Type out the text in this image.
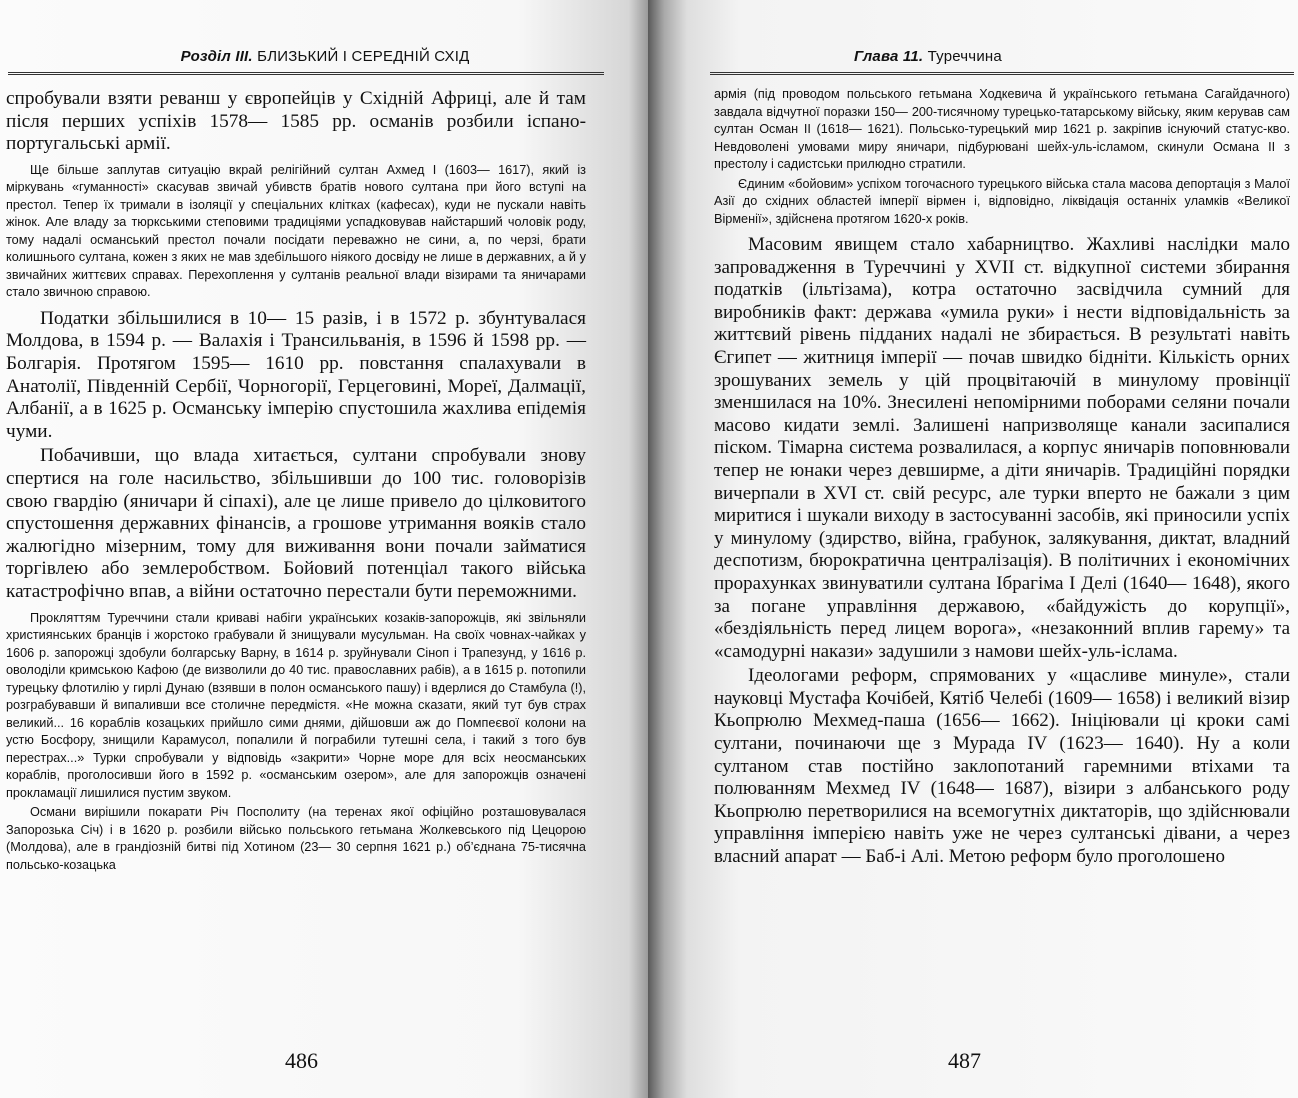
Розділ III. БЛИЗЬКИЙ І СЕРЕДНІЙ СХІД

спробували взяти реванш у європейців у Східній Африці, але й там після перших успіхів 1578— 1585 рр. османів розбили іспано-португальські армії.

Ще більше заплутав ситуацію вкрай релігійний султан Ахмед І (1603— 1617), який із міркувань «гуманності» скасував звичай убивств братів нового султана при його вступі на престол. Тепер їх тримали в ізоляції у спеціальних клітках (кафесах), куди не пускали навіть жінок. Але владу за тюркськими степовими традиціями успадковував найстарший чоловік роду, тому надалі османський престол почали посідати переважно не сини, а, по черзі, брати колишнього султана, кожен з яких не мав здебільшого ніякого досвіду не лише в державних, а й у звичайних життєвих справах. Перехоплення у султанів реальної влади візирами та яничарами стало звичною справою.

Податки збільшилися в 10— 15 разів, і в 1572 р. збунтувалася Молдова, в 1594 р. — Валахія і Трансильванія, в 1596 й 1598 рр. — Болгарія. Протягом 1595— 1610 рр. повстання спалахували в Анатолії, Південній Сербії, Чорногорії, Герцеговині, Мореї, Далмації, Албанії, а в 1625 р. Османську імперію спустошила жахлива епідемія чуми.

Побачивши, що влада хитається, султани спробували знову спертися на голе насильство, збільшивши до 100 тис. головорізів свою гвардію (яничари й сіпахі), але це лише привело до цілковитого спустошення державних фінансів, а грошове утримання вояків стало жалюгідно мізерним, тому для виживання вони почали займатися торгівлею або землеробством. Бойовий потенціал такого війська катастрофічно впав, а війни остаточно перестали бути переможними.

Прокляттям Туреччини стали криваві набіги українських козаків-запорожців, які звільняли християнських бранців і жорстоко грабували й знищували мусульман. На своїх човнах-чайках у 1606 р. запорожці здобули болгарську Варну, в 1614 р. зруйнували Сіноп і Трапезунд, у 1616 р. оволоділи кримською Кафою (де визволили до 40 тис. православних рабів), а в 1615 р. потопили турецьку флотилію у гирлі Дунаю (взявши в полон османського пашу) і вдерлися до Стамбула (!), розграбувавши й випаливши все столичне передмістя. «Не можна сказати, який тут був страх великий... 16 кораблів козацьких прийшло сими днями, дійшовши аж до Помпеєвої колони на устю Босфору, знищили Карамусол, попалили й пограбили тутешні села, і такий з того був перестрах...» Турки спробували у відповідь «закрити» Чорне море для всіх неосманських кораблів, проголосивши його в 1592 р. «османським озером», але для запорожців означені прокламації лишилися пустим звуком.

Османи вирішили покарати Річ Посполиту (на теренах якої офіційно розташовувалася Запорозька Січ) і в 1620 р. розбили військо польського гетьмана Жолкевського під Цецорою (Молдова), але в грандіозній битві під Хотином (23— 30 серпня 1621 р.) об’єднана 75-тисячна польсько-козацька

486
Глава 11. Туреччина

армія (під проводом польського гетьмана Ходкевича й українського гетьмана Сагайдачного) завдала відчутної поразки 150— 200-тисячному турецько-татарському війську, яким керував сам султан Осман II (1618— 1621). Польсько-турецький мир 1621 р. закріпив існуючий статус-кво. Невдоволені умовами миру яничари, підбурювані шейх-уль-іcламом, скинули Османа II з престолу і садистськи прилюдно стратили.

Єдиним «бойовим» успіхом тогочасного турецького війська стала масова депортація з Малої Азії до східних областей імперії вірмен і, відповідно, ліквідація останніх уламків «Великої Вірменії», здійснена протягом 1620-х років.

Масовим явищем стало хабарництво. Жахливі наслідки мало запровадження в Туреччині у XVII ст. відкупної системи збирання податків (ільтізама), котра остаточно засвідчила сумний для виробників факт: держава «умила руки» і нести відповідальність за життєвий рівень підданих надалі не збирається. В результаті навіть Єгипет — житниця імперії — почав швидко бідніти. Кількість орних зрошуваних земель у цій процвітаючій в минулому провінції зменшилася на 10%. Знесилені непомірними поборами селяни почали масово кидати землі. Залишені напризволяще канали засипалися піском. Тімарна система розвалилася, а корпус яничарів поповнювали тепер не юнаки через девширме, а діти яничарів. Традиційні порядки вичерпали в XVI ст. свій ресурс, але турки вперто не бажали з цим миритися і шукали виходу в застосуванні засобів, які приносили успіх у минулому (здирство, війна, грабунок, залякування, диктат, владний деспотизм, бюрократична централізація). В політичних і економічних прорахунках звинуватили султана Ібрагіма І Делі (1640— 1648), якого за погане управління державою, «байдужість до корупції», «бездіяльність перед лицем ворога», «незаконний вплив гарему» та «самодурні накази» задушили з намови шейх-уль-іcлама.

Ідеологами реформ, спрямованих у «щасливе минуле», стали науковці Мустафа Кочібей, Кятіб Челебі (1609— 1658) і великий візир Кьопрюлю Мехмед-паша (1656— 1662). Ініціювали ці кроки самі султани, починаючи ще з Мурада IV (1623— 1640). Ну а коли султаном став постійно заклопотаний гаремними втіхами та полюванням Мехмед IV (1648— 1687), візири з албанського роду Кьопрюлю перетворилися на всемогутніх диктаторів, що здійснювали управління імперією навіть уже не через султанські дівани, а через власний апарат — Баб-і Алі. Метою реформ було проголошено

487
